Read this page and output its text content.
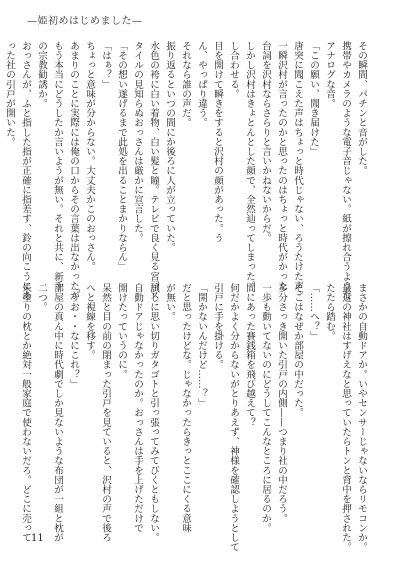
—姫初めはじめました—
その瞬間、パチンと音がした。
携帯やカメラのような電子音じゃない。紙が擦れ合うような
アナログな音。
「この願い、聞き届けた」
唐突に聞こえた声はちょっと時代じゃない、ろうたけた声。
一瞬沢村が言ったのかと思ったのはちょっと時代がかった
台詞を沢村ならさらりと言いかねないからだ。
しかし沢村はきょとんとした顔で、全然辿ってしまった。
し合わせる。
目を開けて瞬きをすると沢村の顔があった。う
ん、やっぱり違う。
それなら誰の声だ。
振り返るといつの間にか後ろに人が立っていた。
水色の袴に白い着物、白い髪と瞳。テレビで良く見る宮司ス
タイルの見知らぬおっさんは厳かに宣言した。
「その想い遂げるまで此処を出ることまかりならん」
「はぁ？」
ちょっと意味が分からない。大丈夫かこのおっさん。
あまりのことに実際には俺の口からその言葉は出なかったが
もう本当にどうしたか言いようが無い。それと共に、新手
の宗教勧誘か。
おっさんが、ふと指した指が正確に指差す、鈴の向こうにあ
った社の引戸が開いた。
まさかの自動ドアか。いやセンサーじゃないならリモコンか。
最近の神社はすげえなと思っていたらトンと背中を押された。
たたら踏む。
「……へ？」
そこはなぜか部屋の中だった。
多分さっき開いた引戸の内側——つまり社の中だろう。
一歩も動いてないのにどうしてこんなところに居るのか。
間にあった賽銭箱を飛び越えて？
何だかよく分からないがとりあえず、神様を確認しようとして
引戸に手を掛ける。
「開かないんだけど……？」
だと思ったけどな。じゃなかったらきっとここにくる意味
が無い。
試しに思い切りガタゴトと引っ張ってみてびくともしない。
自動ドアじゃなかったのか。おっさんは手を上げただけで
開けたっていうのに。
呆然と目の前の閉まった引戸を見ていると、沢村の声で後ろ
へと視線を移す。
「うお・・なにこれ？」
部屋の真ん中に時代劇でしか見ないような布団が一組と枕が
二つ。
朱塗りの枕とか絶対一般家庭で使わないだろ。どこに売って 11
